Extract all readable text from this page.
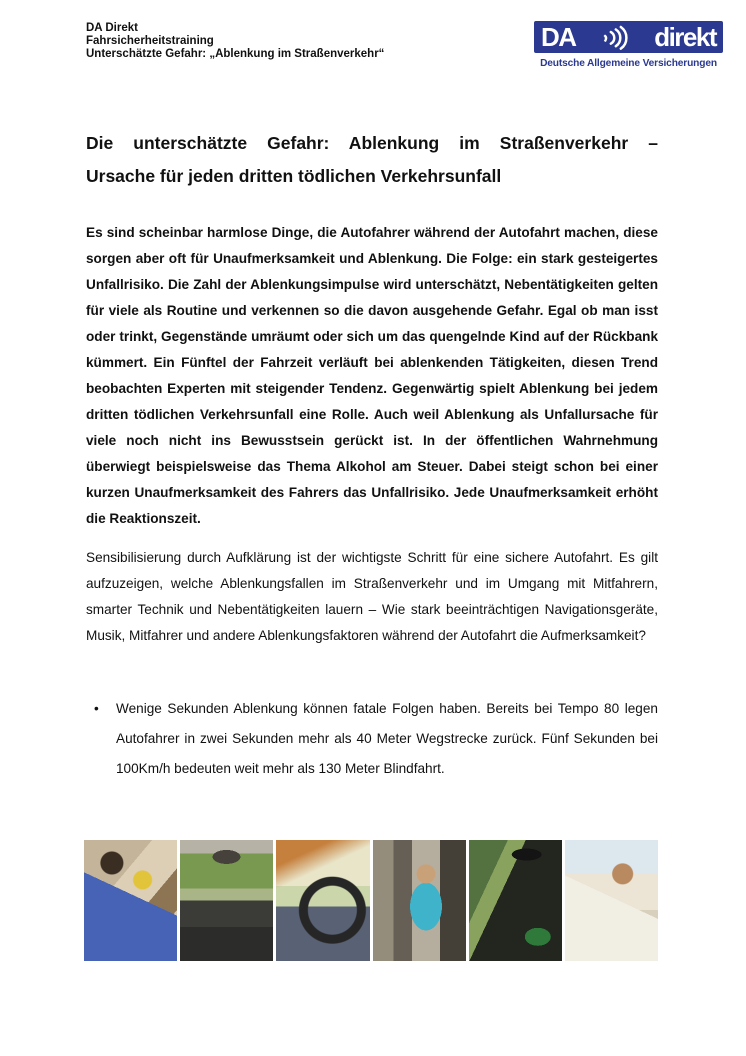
DA Direkt
Fahrsicherheitstraining
Unterschätzte Gefahr: „Ablenkung im Straßenverkehr“
DA	direkt
Deutsche Allgemeine Versicherungen
Die unterschätzte Gefahr: Ablenkung im Straßenverkehr –
Ursache für jeden dritten tödlichen Verkehrsunfall

Es sind scheinbar harmlose Dinge, die Autofahrer während der Autofahrt machen, diese sorgen aber oft für Unaufmerksamkeit und Ablenkung. Die Folge: ein stark gesteigertes Unfallrisiko. Die Zahl der Ablenkungsimpulse wird unterschätzt, Nebentätigkeiten gelten für viele als Routine und verkennen so die davon ausgehende Gefahr. Egal ob man isst oder trinkt, Gegenstände umräumt oder sich um das quengelnde Kind auf der Rückbank kümmert. Ein Fünftel der Fahrzeit verläuft bei ablenkenden Tätigkeiten, diesen Trend beobachten Experten mit steigender Tendenz. Gegenwärtig spielt Ablenkung bei jedem dritten tödlichen Verkehrsunfall eine Rolle. Auch weil Ablenkung als Unfallursache für viele noch nicht ins Bewusstsein gerückt ist. In der öffentlichen Wahrnehmung überwiegt beispielsweise das Thema Alkohol am Steuer. Dabei steigt schon bei einer kurzen Unaufmerksamkeit des Fahrers das Unfallrisiko. Jede Unaufmerksamkeit erhöht die Reaktionszeit.

Sensibilisierung durch Aufklärung ist der wichtigste Schritt für eine sichere Autofahrt. Es gilt aufzuzeigen, welche Ablenkungsfallen im Straßenverkehr und im Umgang mit Mitfahrern, smarter Technik und Nebentätigkeiten lauern – Wie stark beeinträchtigen Navigationsgeräte, Musik, Mitfahrer und andere Ablenkungsfaktoren während der Autofahrt die Aufmerksamkeit?

• Wenige Sekunden Ablenkung können fatale Folgen haben. Bereits bei Tempo 80 legen Autofahrer in zwei Sekunden mehr als 40 Meter Wegstrecke zurück. Fünf Sekunden bei 100Km/h bedeuten weit mehr als 130 Meter Blindfahrt.
